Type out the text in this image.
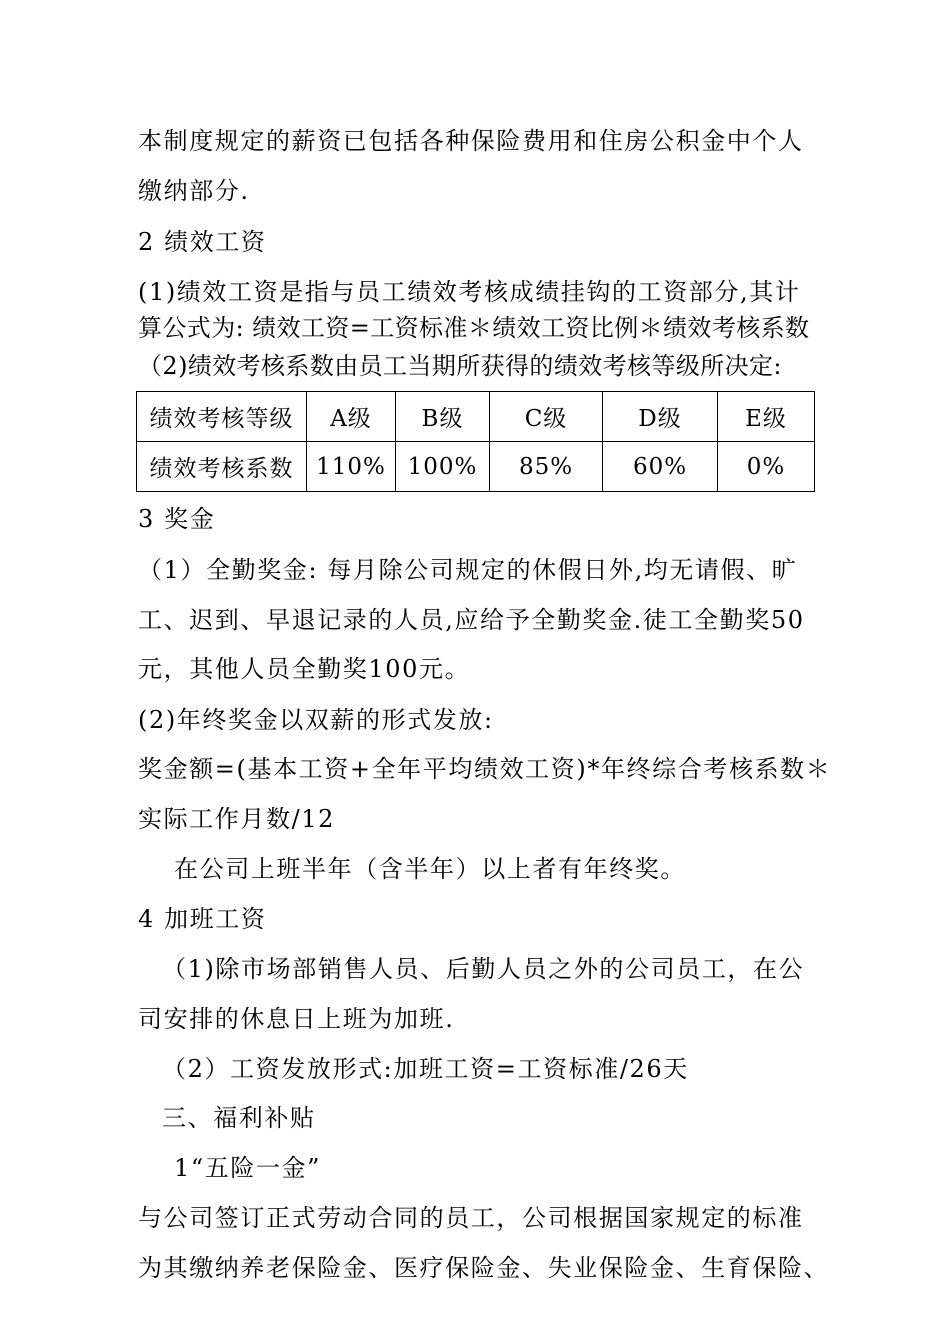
本制度规定的薪资已包括各种保险费用和住房公积金中个人
缴纳部分.
2 绩效工资
(1)绩效工资是指与员工绩效考核成绩挂钩的工资部分,其计
算公式为: 绩效工资=工资标准＊绩效工资比例＊绩效考核系数
（2)绩效考核系数由员工当期所获得的绩效考核等级所决定:
绩效考核等级	A级	B级	C级	D级	E级
绩效考核系数	110%	100%	85%	60%	0%
3 奖金
（1）全勤奖金: 每月除公司规定的休假日外,均无请假、旷
工、迟到、早退记录的人员,应给予全勤奖金.徒工全勤奖50
元，其他人员全勤奖100元。
(2)年终奖金以双薪的形式发放:
奖金额=(基本工资+全年平均绩效工资)*年终综合考核系数＊
实际工作月数/12
在公司上班半年（含半年）以上者有年终奖。
4 加班工资
（1)除市场部销售人员、后勤人员之外的公司员工，在公
司安排的休息日上班为加班.
（2）工资发放形式:加班工资=工资标准/26天
三、福利补贴
1“五险一金”
与公司签订正式劳动合同的员工，公司根据国家规定的标准
为其缴纳养老保险金、医疗保险金、失业保险金、生育保险、
